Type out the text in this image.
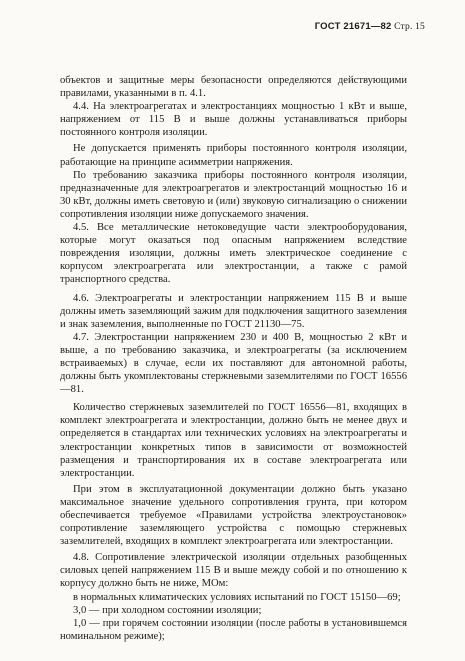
ГОСТ 21671—82 Стр. 15

объектов и защитные меры безопасности определяются действующими правилами, указанными в п. 4.1.

4.4. На электроагрегатах и электростанциях мощностью 1 кВт и выше, напряжением от 115 В и выше должны устанавливаться приборы постоянного контроля изоляции.

Не допускается применять приборы постоянного контроля изоляции, работающие на принципе асимметрии напряжения.

По требованию заказчика приборы постоянного контроля изоляции, предназначенные для электроагрегатов и электростанций мощностью 16 и 30 кВт, должны иметь световую и (или) звуковую сигнализацию о снижении сопротивления изоляции ниже допускаемого значения.

4.5. Все металлические нетоковедущие части электрооборудования, которые могут оказаться под опасным напряжением вследствие повреждения изоляции, должны иметь электрическое соединение с корпусом электроагрегата или электростанции, а также с рамой транспортного средства.

4.6. Электроагрегаты и электростанции напряжением 115 В и выше должны иметь заземляющий зажим для подключения защитного заземления и знак заземления, выполненные по ГОСТ 21130—75.

4.7. Электростанции напряжением 230 и 400 В, мощностью 2 кВт и выше, а по требованию заказчика, и электроагрегаты (за исключением встраиваемых) в случае, если их поставляют для автономной работы, должны быть укомплектованы стержневыми заземлителями по ГОСТ 16556—81.

Количество стержневых заземлителей по ГОСТ 16556—81, входящих в комплект электроагрегата и электростанции, должно быть не менее двух и определяется в стандартах или технических условиях на электроагрегаты и электростанции конкретных типов в зависимости от возможностей размещения и транспортирования их в составе электроагрегата или электростанции.

При этом в эксплуатационной документации должно быть указано максимальное значение удельного сопротивления грунта, при котором обеспечивается требуемое «Правилами устройства электроустановок» сопротивление заземляющего устройства с помощью стержневых заземлителей, входящих в комплект электроагрегата или электростанции.

4.8. Сопротивление электрической изоляции отдельных разобщенных силовых цепей напряжением 115 В и выше между собой и по отношению к корпусу должно быть не ниже, МОм:

в нормальных климатических условиях испытаний по ГОСТ 15150—69;

3,0 — при холодном состоянии изоляции;

1,0 — при горячем состоянии изоляции (после работы в установившемся номинальном режиме);
